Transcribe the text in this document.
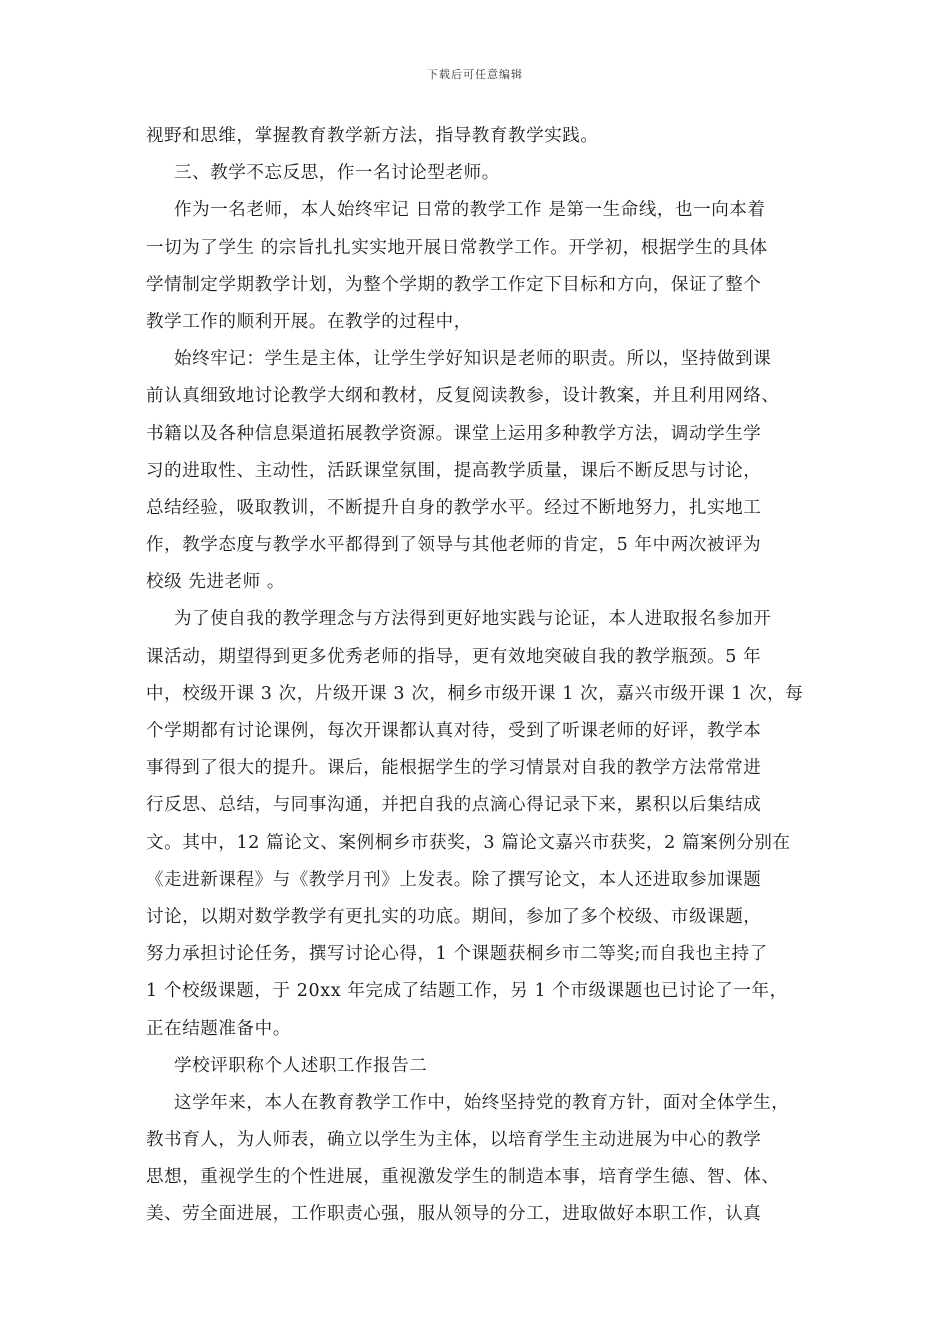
下载后可任意编辑
视野和思维，掌握教育教学新方法，指导教育教学实践。
三、教学不忘反思，作一名讨论型老师。
作为一名老师，本人始终牢记 日常的教学工作 是第一生命线，也一向本着
一切为了学生 的宗旨扎扎实实地开展日常教学工作。开学初，根据学生的具体
学情制定学期教学计划，为整个学期的教学工作定下目标和方向，保证了整个
教学工作的顺利开展。在教学的过程中，
始终牢记：学生是主体，让学生学好知识是老师的职责。所以，坚持做到课
前认真细致地讨论教学大纲和教材，反复阅读教参，设计教案，并且利用网络、
书籍以及各种信息渠道拓展教学资源。课堂上运用多种教学方法，调动学生学
习的进取性、主动性，活跃课堂氛围，提高教学质量，课后不断反思与讨论，
总结经验，吸取教训，不断提升自身的教学水平。经过不断地努力，扎实地工
作，教学态度与教学水平都得到了领导与其他老师的肯定，5 年中两次被评为
校级 先进老师 。
为了使自我的教学理念与方法得到更好地实践与论证，本人进取报名参加开
课活动，期望得到更多优秀老师的指导，更有效地突破自我的教学瓶颈。5 年
中，校级开课 3 次，片级开课 3 次，桐乡市级开课 1 次，嘉兴市级开课 1 次，每
个学期都有讨论课例，每次开课都认真对待，受到了听课老师的好评，教学本
事得到了很大的提升。课后，能根据学生的学习情景对自我的教学方法常常进
行反思、总结，与同事沟通，并把自我的点滴心得记录下来，累积以后集结成
文。其中，12 篇论文、案例桐乡市获奖，3 篇论文嘉兴市获奖，2 篇案例分别在
《走进新课程》与《教学月刊》上发表。除了撰写论文，本人还进取参加课题
讨论，以期对数学教学有更扎实的功底。期间，参加了多个校级、市级课题，
努力承担讨论任务，撰写讨论心得，1 个课题获桐乡市二等奖;而自我也主持了
1 个校级课题，于 20xx 年完成了结题工作，另 1 个市级课题也已讨论了一年，
正在结题准备中。
学校评职称个人述职工作报告二
这学年来，本人在教育教学工作中，始终坚持党的教育方针，面对全体学生，
教书育人，为人师表，确立以学生为主体，以培育学生主动进展为中心的教学
思想，重视学生的个性进展，重视激发学生的制造本事，培育学生德、智、体、
美、劳全面进展，工作职责心强，服从领导的分工，进取做好本职工作，认真
